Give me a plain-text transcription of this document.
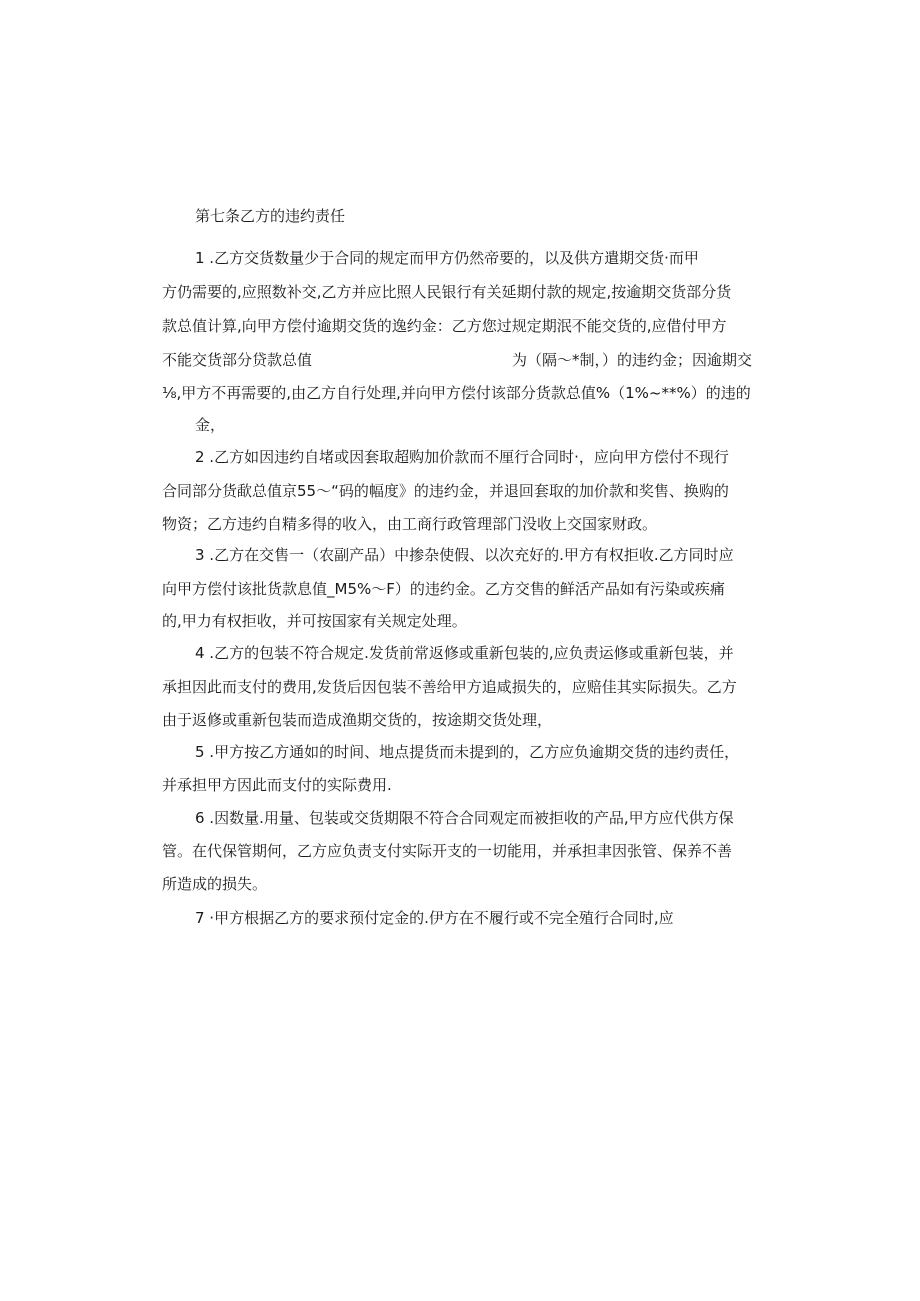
第七条乙方的违约责任
1 .乙方交货数量少于合同的规定而甲方仍然帝要的，以及供方遣期交货·而甲
方仍需要的,应照数补交,乙方并应比照人民银行有关延期付款的规定,按逾期交货部分货
款总值计算,向甲方偿付逾期交货的逸约金：乙方您过规定期泯不能交货的,应借付甲方
不能交货部分贷款总值	为（隔〜*制，）的违约金；因逾期交
⅛,甲方不再需要的,由乙方自行处理,并向甲方偿付该部分货款总值%（1%~**%）的违的
金，
2 .乙方如因违约自堵或因套取超购加价款而不厘行合同时·，应向甲方偿付不现行
合同部分货歃总值京55〜“码的幅度》的违约金，并退回套取的加价款和奖售、换购的
物资；乙方违约自精多得的收入，由工商行政管理部门没收上交国家财政。
3 .乙方在交售一（农副产品）中掺杂使假、以次充好的.甲方有权拒收.乙方同时应
向甲方偿付该批货款息值_M5%〜F）的违约金。乙方交售的鲜活产品如有污染或疾痛
的,甲力有权拒收，并可按国家有关规定处理。
4 .乙方的包装不符合规定.发货前常返修或重新包装的,应负责运修或重新包装，并
承担因此而支付的费用,发货后因包装不善给甲方追咸损失的，应赔佳其实际损失。乙方
由于返修或重新包装而造成渔期交货的，按途期交货处理，
5 .甲方按乙方通如的时间、地点提货而未提到的，乙方应负逾期交货的违约责任，
并承担甲方因此而支付的实际费用.
6 .因数量.用量、包装或交货期限不符合合同观定而被拒收的产品,甲方应代供方保
管。在代保管期何，乙方应负责支付实际开支的一切能用，并承担聿因张管、保养不善
所造成的损失。
7 ·甲方根据乙方的要求预付定金的.伊方在不履行或不完全殖行合同时,应
